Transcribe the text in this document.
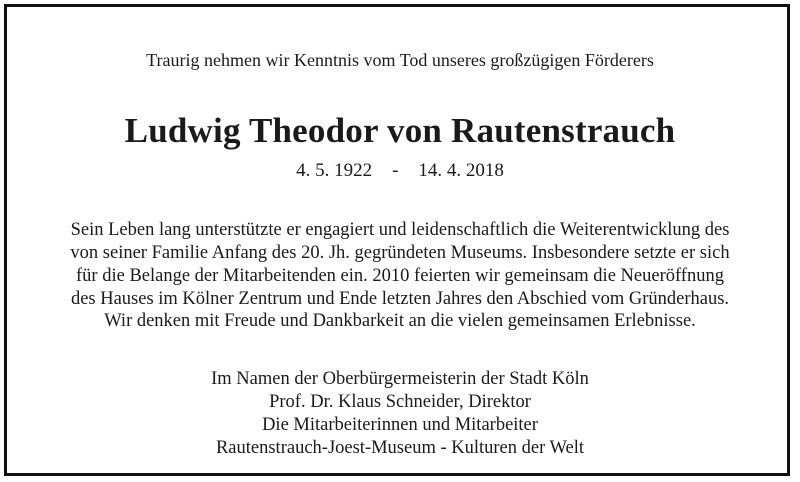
Traurig nehmen wir Kenntnis vom Tod unseres großzügigen Förderers
Ludwig Theodor von Rautenstrauch
4. 5. 1922 - 14. 4. 2018
Sein Leben lang unterstützte er engagiert und leidenschaftlich die Weiterentwicklung des
von seiner Familie Anfang des 20. Jh. gegründeten Museums. Insbesondere setzte er sich
für die Belange der Mitarbeitenden ein. 2010 feierten wir gemeinsam die Neueröffnung
des Hauses im Kölner Zentrum und Ende letzten Jahres den Abschied vom Gründerhaus.
Wir denken mit Freude und Dankbarkeit an die vielen gemeinsamen Erlebnisse.
Im Namen der Oberbürgermeisterin der Stadt Köln
Prof. Dr. Klaus Schneider, Direktor
Die Mitarbeiterinnen und Mitarbeiter
Rautenstrauch-Joest-Museum - Kulturen der Welt
